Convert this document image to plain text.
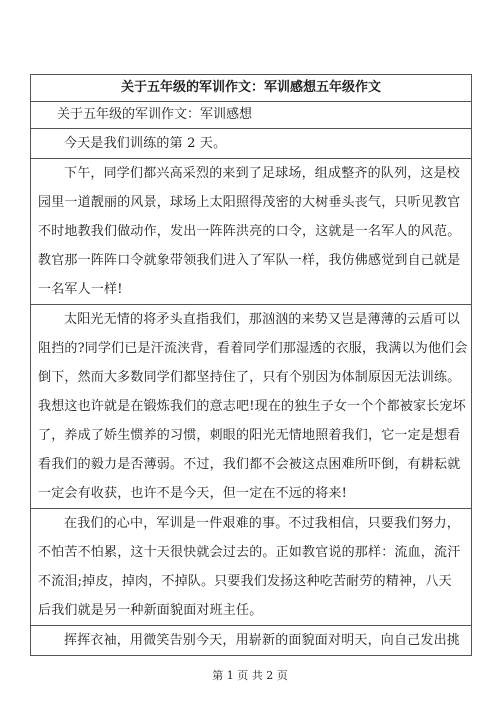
关于五年级的军训作文：军训感想五年级作文
关于五年级的军训作文：军训感想

今天是我们训练的第 2 天。

下午，同学们都兴高采烈的来到了足球场，组成整齐的队列，这是校
园里一道靓丽的风景，球场上太阳照得茂密的大树垂头丧气，只听见教官
不时地教我们做动作，发出一阵阵洪亮的口令，这就是一名军人的风范。
教官那一阵阵口令就象带领我们进入了军队一样，我仿佛感觉到自己就是
一名军人一样!

太阳光无情的将矛头直指我们，那汹汹的来势又岂是薄薄的云盾可以
阻挡的?同学们已是汗流浃背，看着同学们那湿透的衣服，我满以为他们会
倒下，然而大多数同学们都坚持住了，只有个别因为体制原因无法训练。
我想这也许就是在锻炼我们的意志吧!现在的独生子女一个个都被家长宠坏
了，养成了娇生惯养的习惯，刺眼的阳光无情地照着我们，它一定是想看
看我们的毅力是否薄弱。不过，我们都不会被这点困难所吓倒，有耕耘就
一定会有收获，也许不是今天，但一定在不远的将来!

在我们的心中，军训是一件艰难的事。不过我相信，只要我们努力，
不怕苦不怕累，这十天很快就会过去的。正如教官说的那样：流血，流汗
不流泪;掉皮，掉肉，不掉队。只要我们发扬这种吃苦耐劳的精神，八天
后我们就是另一种新面貌面对班主任。

挥挥衣袖，用微笑告别今天，用崭新的面貌面对明天，向自己发出挑
第 1 页 共 2 页
